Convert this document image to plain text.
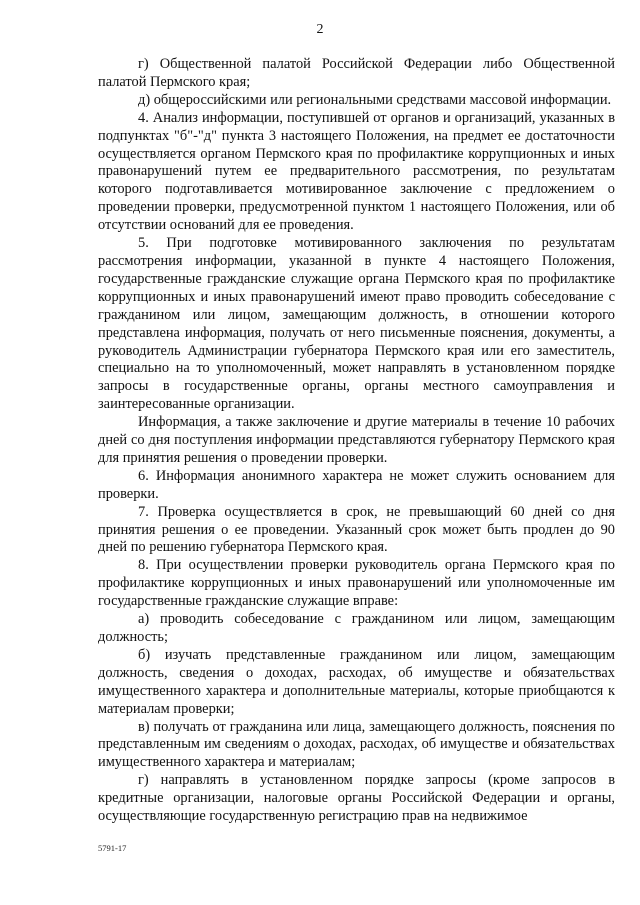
2

г) Общественной палатой Российской Федерации либо Общественной палатой Пермского края;

д) общероссийскими или региональными средствами массовой информации.

4. Анализ информации, поступившей от органов и организаций, указанных в подпунктах "б"-"д" пункта 3 настоящего Положения, на предмет ее достаточности осуществляется органом Пермского края по профилактике коррупционных и иных правонарушений путем ее предварительного рассмотрения, по результатам которого подготавливается мотивированное заключение с предложением о проведении проверки, предусмотренной пунктом 1 настоящего Положения, или об отсутствии оснований для ее проведения.

5. При подготовке мотивированного заключения по результатам рассмотрения информации, указанной в пункте 4 настоящего Положения, государственные гражданские служащие органа Пермского края по профилактике коррупционных и иных правонарушений имеют право проводить собеседование с гражданином или лицом, замещающим должность, в отношении которого представлена информация, получать от него письменные пояснения, документы, а руководитель Администрации губернатора Пермского края или его заместитель, специально на то уполномоченный, может направлять в установленном порядке запросы в государственные органы, органы местного самоуправления и заинтересованные организации.

Информация, а также заключение и другие материалы в течение 10 рабочих дней со дня поступления информации представляются губернатору Пермского края для принятия решения о проведении проверки.

6. Информация анонимного характера не может служить основанием для проверки.

7. Проверка осуществляется в срок, не превышающий 60 дней со дня принятия решения о ее проведении. Указанный срок может быть продлен до 90 дней по решению губернатора Пермского края.

8. При осуществлении проверки руководитель органа Пермского края по профилактике коррупционных и иных правонарушений или уполномоченные им государственные гражданские служащие вправе:

а) проводить собеседование с гражданином или лицом, замещающим должность;

б) изучать представленные гражданином или лицом, замещающим должность, сведения о доходах, расходах, об имуществе и обязательствах имущественного характера и дополнительные материалы, которые приобщаются к материалам проверки;

в) получать от гражданина или лица, замещающего должность, пояснения по представленным им сведениям о доходах, расходах, об имуществе и обязательствах имущественного характера и материалам;

г) направлять в установленном порядке запросы (кроме запросов в кредитные организации, налоговые органы Российской Федерации и органы, осуществляющие государственную регистрацию прав на недвижимое

5791-17
